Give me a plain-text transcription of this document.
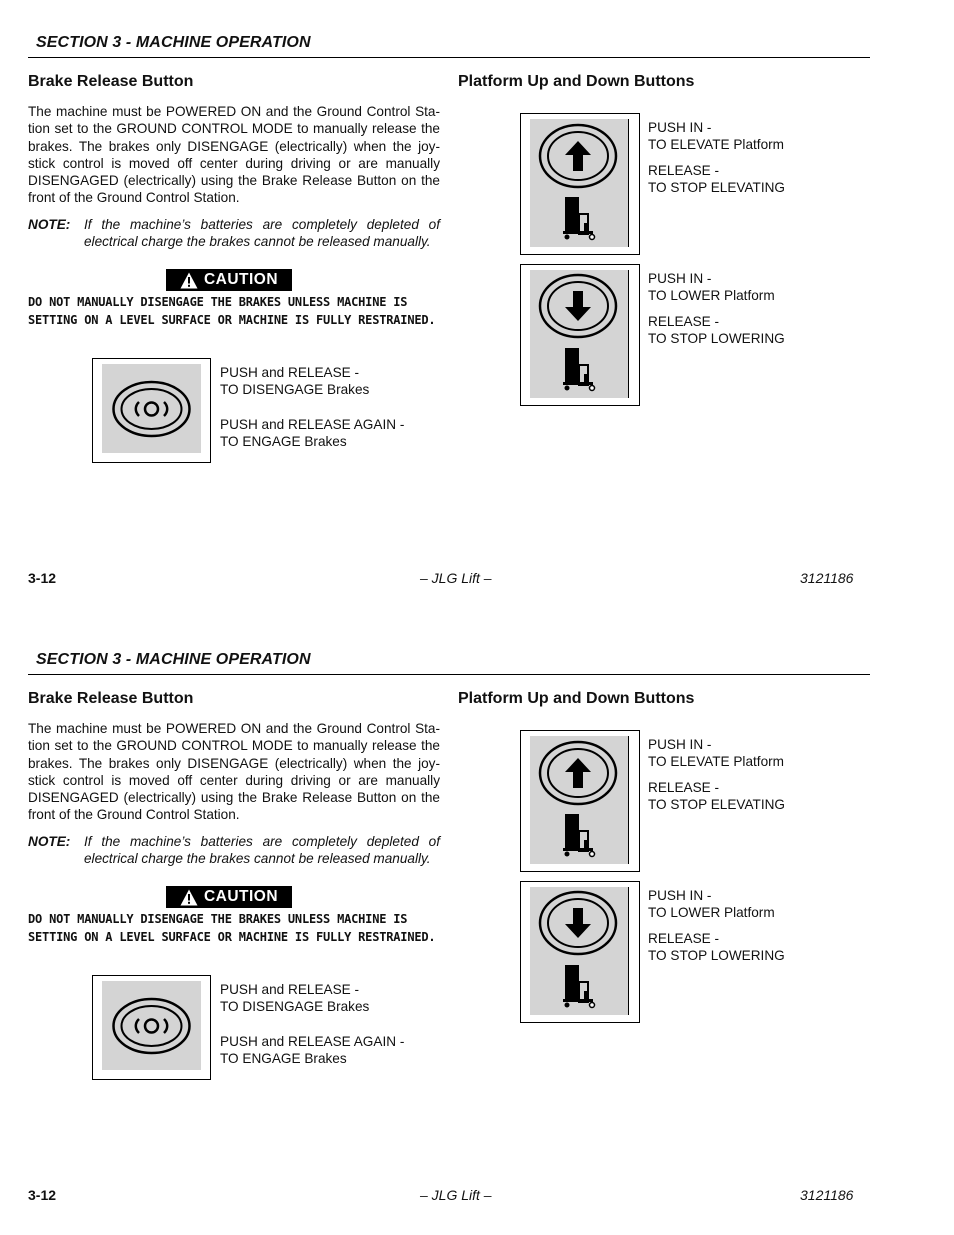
SECTION 3 - MACHINE OPERATION
Brake Release Button	Platform Up and Down Buttons
The machine must be POWERED ON and the Ground Control Sta-tion set to the GROUND CONTROL MODE to manually release the brakes. The brakes only DISENGAGE (electrically) when the joy-stick control is moved off center during driving or are manually DISENGAGED (electrically) using the Brake Release Button on the front of the Ground Control Station.
NOTE: If the machine’s batteries are completely depleted of electrical charge the brakes cannot be released manually.
CAUTION
DO NOT MANUALLY DISENGAGE THE BRAKES UNLESS MACHINE IS SETTING ON A LEVEL SURFACE OR MACHINE IS FULLY RESTRAINED.
PUSH and RELEASE -
TO DISENGAGE Brakes
PUSH and RELEASE AGAIN -
TO ENGAGE Brakes
PUSH IN -
TO ELEVATE Platform
RELEASE -
TO STOP ELEVATING
PUSH IN -
TO LOWER Platform
RELEASE -
TO STOP LOWERING
3-12	– JLG Lift –	3121186
SECTION 3 - MACHINE OPERATION
Brake Release Button	Platform Up and Down Buttons
The machine must be POWERED ON and the Ground Control Sta-tion set to the GROUND CONTROL MODE to manually release the brakes. The brakes only DISENGAGE (electrically) when the joy-stick control is moved off center during driving or are manually DISENGAGED (electrically) using the Brake Release Button on the front of the Ground Control Station.
NOTE: If the machine’s batteries are completely depleted of electrical charge the brakes cannot be released manually.
CAUTION
DO NOT MANUALLY DISENGAGE THE BRAKES UNLESS MACHINE IS SETTING ON A LEVEL SURFACE OR MACHINE IS FULLY RESTRAINED.
PUSH and RELEASE -
TO DISENGAGE Brakes
PUSH and RELEASE AGAIN -
TO ENGAGE Brakes
PUSH IN -
TO ELEVATE Platform
RELEASE -
TO STOP ELEVATING
PUSH IN -
TO LOWER Platform
RELEASE -
TO STOP LOWERING
3-12	– JLG Lift –	3121186
